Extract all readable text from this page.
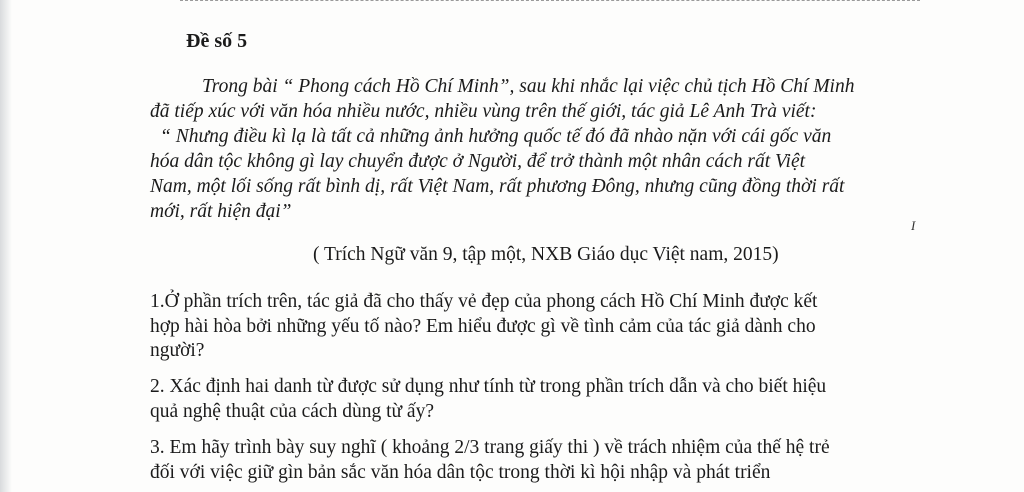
Đề số 5
Trong bài “ Phong cách Hồ Chí Minh”, sau khi nhắc lại việc chủ tịch Hồ Chí Minh
đã tiếp xúc với văn hóa nhiều nước, nhiều vùng trên thế giới, tác giả Lê Anh Trà viết:
“ Nhưng điều kì lạ là tất cả những ảnh hưởng quốc tế đó đã nhào nặn với cái gốc văn
hóa dân tộc không gì lay chuyển được ở Người, để trở thành một nhân cách rất Việt
Nam, một lối sống rất bình dị, rất Việt Nam, rất phương Đông, nhưng cũng đồng thời rất
mới, rất hiện đại”
I
( Trích Ngữ văn 9, tập một, NXB Giáo dục Việt nam, 2015)
1.Ở phần trích trên, tác giả đã cho thấy vẻ đẹp của phong cách Hồ Chí Minh được kết
hợp hài hòa bởi những yếu tố nào? Em hiểu được gì về tình cảm của tác giả dành cho
người?
2. Xác định hai danh từ được sử dụng như tính từ trong phần trích dẫn và cho biết hiệu
quả nghệ thuật của cách dùng từ ấy?
3. Em hãy trình bày suy nghĩ ( khoảng 2/3 trang giấy thi ) về trách nhiệm của thế hệ trẻ
đối với việc giữ gìn bản sắc văn hóa dân tộc trong thời kì hội nhập và phát triển
